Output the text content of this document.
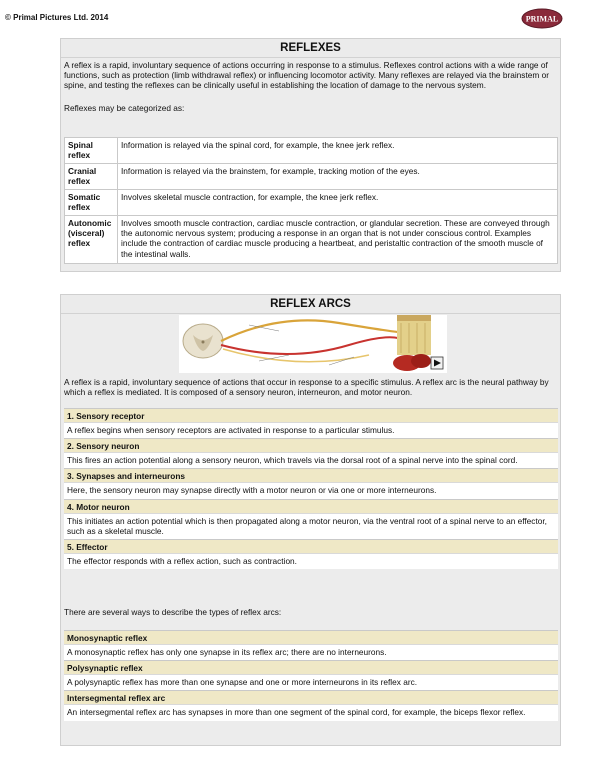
© Primal Pictures Ltd. 2014	PRIMAL
REFLEXES

A reflex is a rapid, involuntary sequence of actions occurring in response to a stimulus. Reflexes control actions with a wide range of functions, such as protection (limb withdrawal reflex) or influencing locomotor activity. Many reflexes are relayed via the brainstem or spine, and testing the reflexes can be clinically useful in establishing the location of damage to the nervous system.

Reflexes may be categorized as:

Spinal reflex	Information is relayed via the spinal cord, for example, the knee jerk reflex.
Cranial reflex	Information is relayed via the brainstem, for example, tracking motion of the eyes.
Somatic reflex	Involves skeletal muscle contraction, for example, the knee jerk reflex.
Autonomic (visceral) reflex	Involves smooth muscle contraction, cardiac muscle contraction, or glandular secretion. These are conveyed through the autonomic nervous system; producing a response in an organ that is not under conscious control. Examples include the contraction of cardiac muscle producing a heartbeat, and peristaltic contraction of the smooth muscle of the intestinal walls.
REFLEX ARCS

A reflex is a rapid, involuntary sequence of actions that occur in response to a specific stimulus. A reflex arc is the neural pathway by which a reflex is mediated. It is composed of a sensory neuron, interneuron, and motor neuron.

1. Sensory receptor
A reflex begins when sensory receptors are activated in response to a particular stimulus.
2. Sensory neuron
This fires an action potential along a sensory neuron, which travels via the dorsal root of a spinal nerve into the spinal cord.
3. Synapses and interneurons
Here, the sensory neuron may synapse directly with a motor neuron or via one or more interneurons.
4. Motor neuron
This initiates an action potential which is then propagated along a motor neuron, via the ventral root of a spinal nerve to an effector, such as a skeletal muscle.
5. Effector
The effector responds with a reflex action, such as contraction.

There are several ways to describe the types of reflex arcs:

Monosynaptic reflex
A monosynaptic reflex has only one synapse in its reflex arc; there are no interneurons.
Polysynaptic reflex
A polysynaptic reflex has more than one synapse and one or more interneurons in its reflex arc.
Intersegmental reflex arc
An intersegmental reflex arc has synapses in more than one segment of the spinal cord, for example, the biceps flexor reflex.
